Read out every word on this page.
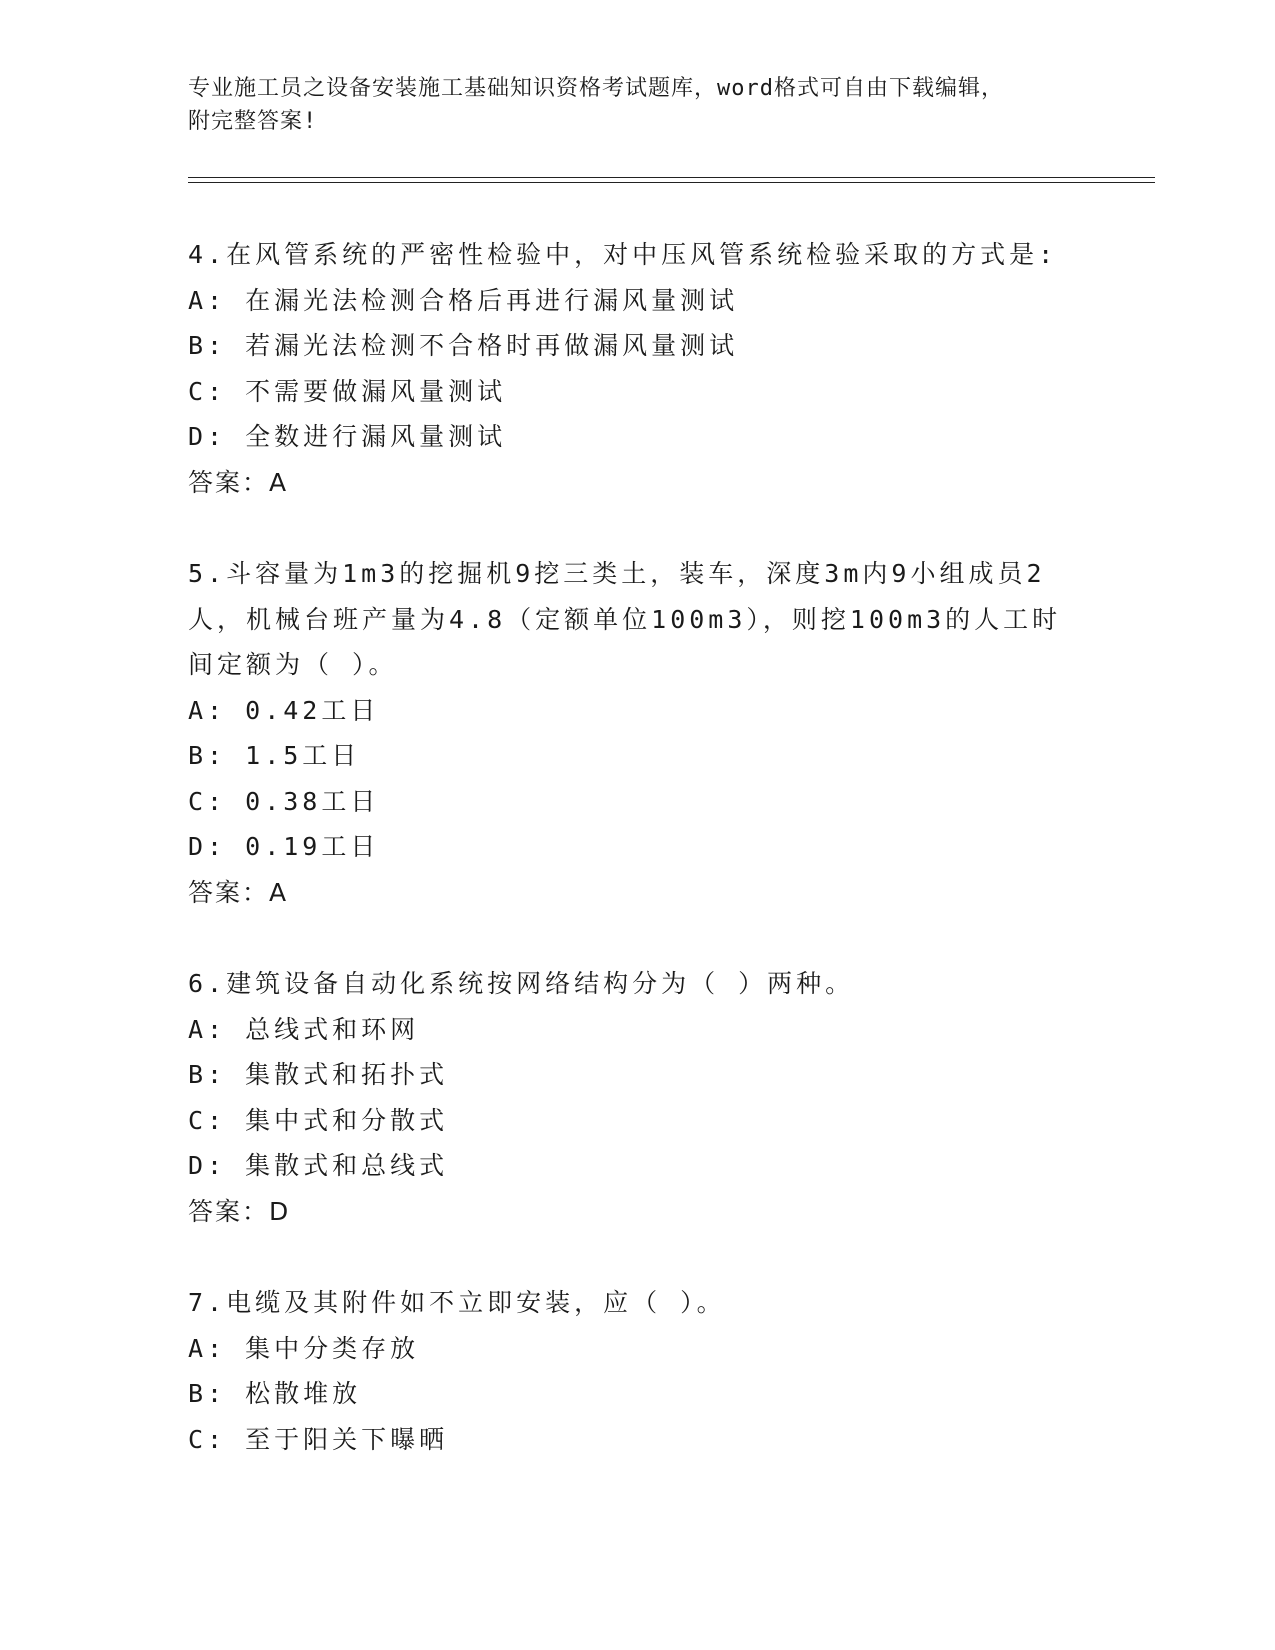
专业施工员之设备安装施工基础知识资格考试题库，word格式可自由下载编辑，
附完整答案!
4.在风管系统的严密性检验中，对中压风管系统检验采取的方式是:
A: 在漏光法检测合格后再进行漏风量测试
B: 若漏光法检测不合格时再做漏风量测试
C: 不需要做漏风量测试
D: 全数进行漏风量测试
答案：A
5.斗容量为1m3的挖掘机9挖三类土，装车，深度3m内9小组成员2人，机械台班产量为4.8（定额单位100m3），则挖100m3的人工时间定额为（ ）。
A: 0.42工日
B: 1.5工日
C: 0.38工日
D: 0.19工日
答案：A
6.建筑设备自动化系统按网络结构分为（ ）两种。
A: 总线式和环网
B: 集散式和拓扑式
C: 集中式和分散式
D: 集散式和总线式
答案：D
7.电缆及其附件如不立即安装，应（ ）。
A: 集中分类存放
B: 松散堆放
C: 至于阳关下曝晒
